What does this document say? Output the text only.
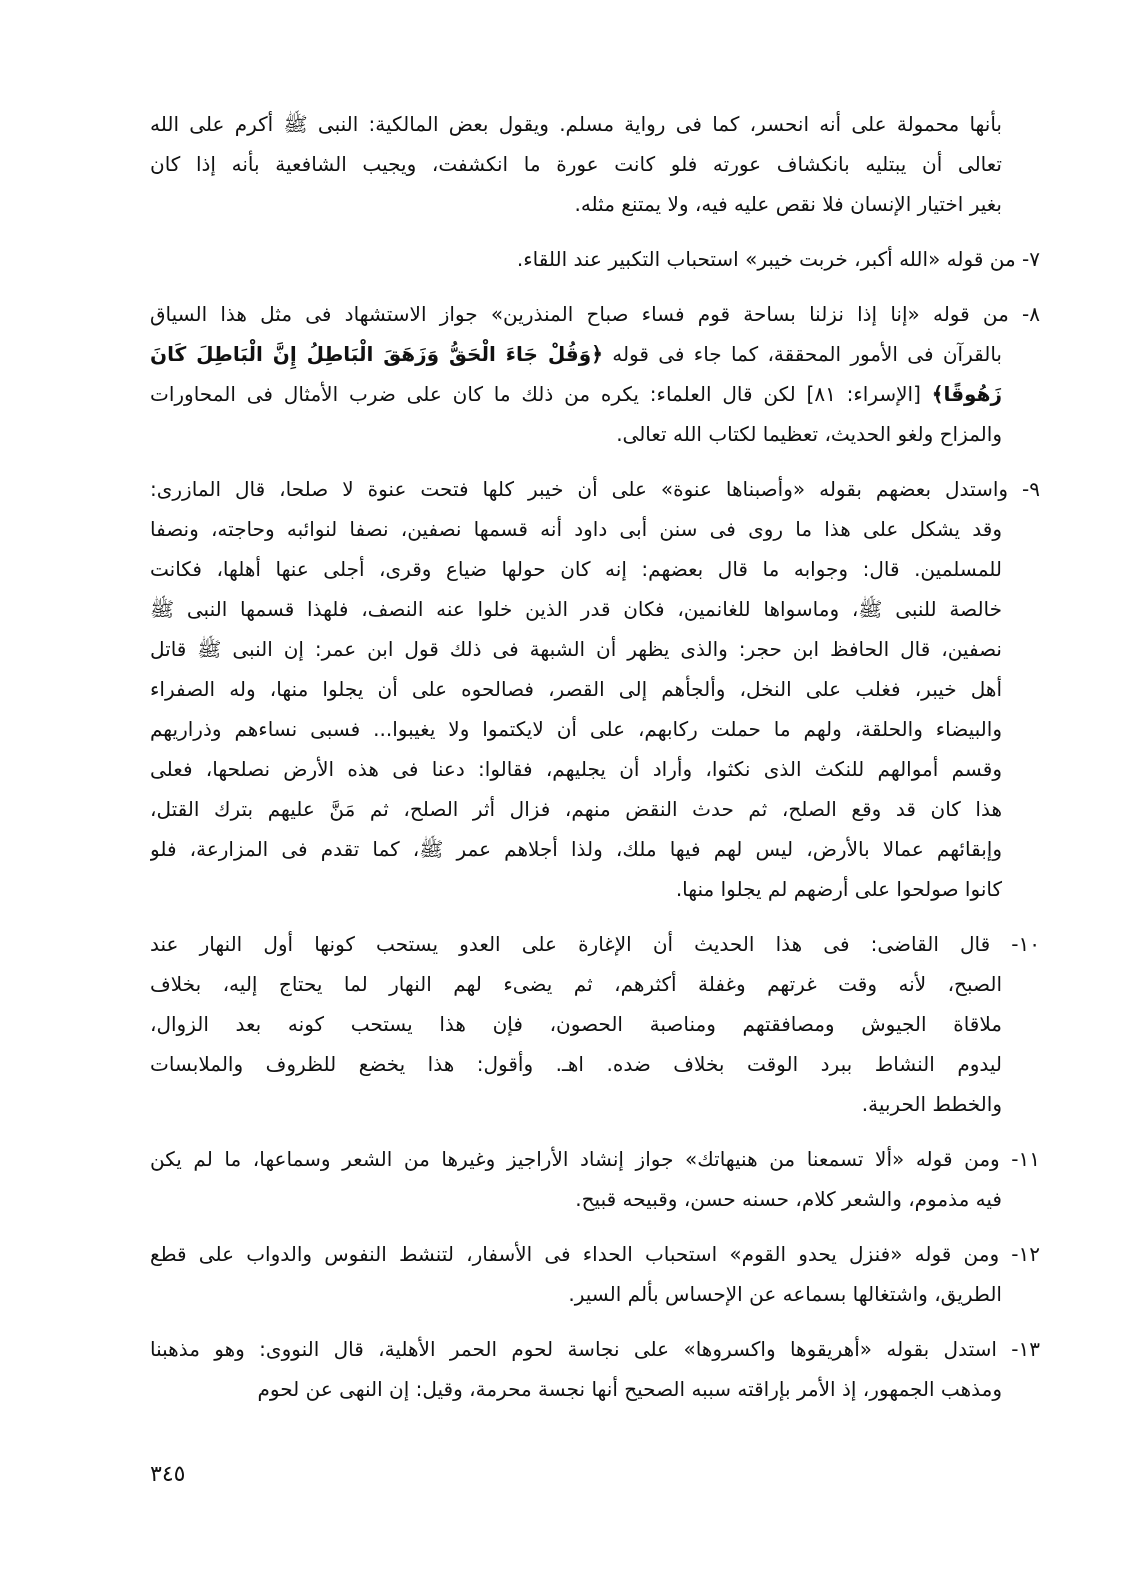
بأنها محمولة على أنه انحسر، كما فى رواية مسلم. ويقول بعض المالكية: النبى ﷺ أكرم على الله
تعالى أن يبتليه بانكشاف عورته فلو كانت عورة ما انكشفت، ويجيب الشافعية بأنه إذا كان
بغير اختيار الإنسان فلا نقص عليه فيه، ولا يمتنع مثله.
٧- من قوله «الله أكبر، خربت خيبر» استحباب التكبير عند اللقاء.
٨- من قوله «إنا إذا نزلنا بساحة قوم فساء صباح المنذرين» جواز الاستشهاد فى مثل هذا السياق
بالقرآن فى الأمور المحققة، كما جاء فى قوله ﴿وَقُلْ جَاءَ الْحَقُّ وَزَهَقَ الْبَاطِلُ إِنَّ الْبَاطِلَ كَانَ
زَهُوقًا﴾ [الإسراء: ٨١] لكن قال العلماء: يكره من ذلك ما كان على ضرب الأمثال فى المحاورات
والمزاح ولغو الحديث، تعظيما لكتاب الله تعالى.
٩- واستدل بعضهم بقوله «وأصبناها عنوة» على أن خيبر كلها فتحت عنوة لا صلحا، قال المازرى:
وقد يشكل على هذا ما روى فى سنن أبى داود أنه قسمها نصفين، نصفا لنوائبه وحاجته، ونصفا
للمسلمين. قال: وجوابه ما قال بعضهم: إنه كان حولها ضياع وقرى، أجلى عنها أهلها، فكانت
خالصة للنبى ﷺ، وماسواها للغانمين، فكان قدر الذين خلوا عنه النصف، فلهذا قسمها النبى ﷺ
نصفين، قال الحافظ ابن حجر: والذى يظهر أن الشبهة فى ذلك قول ابن عمر: إن النبى ﷺ قاتل
أهل خيبر، فغلب على النخل، وألجأهم إلى القصر، فصالحوه على أن يجلوا منها، وله الصفراء
والبيضاء والحلقة، ولهم ما حملت ركابهم، على أن لايكتموا ولا يغيبوا... فسبى نساءهم وذراريهم
وقسم أموالهم للنكث الذى نكثوا، وأراد أن يجليهم، فقالوا: دعنا فى هذه الأرض نصلحها، فعلى
هذا كان قد وقع الصلح، ثم حدث النقض منهم، فزال أثر الصلح، ثم مَنَّ عليهم بترك القتل،
وإبقائهم عمالا بالأرض، ليس لهم فيها ملك، ولذا أجلاهم عمر ﷺ، كما تقدم فى المزارعة، فلو
كانوا صولحوا على أرضهم لم يجلوا منها.
١٠- قال القاضى: فى هذا الحديث أن الإغارة على العدو يستحب كونها أول النهار عند
الصبح، لأنه وقت غرتهم وغفلة أكثرهم، ثم يضىء لهم النهار لما يحتاج إليه، بخلاف
ملاقاة الجيوش ومصافقتهم ومناصبة الحصون، فإن هذا يستحب كونه بعد الزوال،
ليدوم النشاط ببرد الوقت بخلاف ضده. اهـ. وأقول: هذا يخضع للظروف والملابسات
والخطط الحربية.
١١- ومن قوله «ألا تسمعنا من هنيهاتك» جواز إنشاد الأراجيز وغيرها من الشعر وسماعها، ما لم يكن
فيه مذموم، والشعر كلام، حسنه حسن، وقبيحه قبيح.
١٢- ومن قوله «فنزل يحدو القوم» استحباب الحداء فى الأسفار، لتنشط النفوس والدواب على قطع
الطريق، واشتغالها بسماعه عن الإحساس بألم السير.
١٣- استدل بقوله «أهريقوها واكسروها» على نجاسة لحوم الحمر الأهلية، قال النووى: وهو مذهبنا
ومذهب الجمهور، إذ الأمر بإراقته سببه الصحيح أنها نجسة محرمة، وقيل: إن النهى عن لحوم
٣٤٥
